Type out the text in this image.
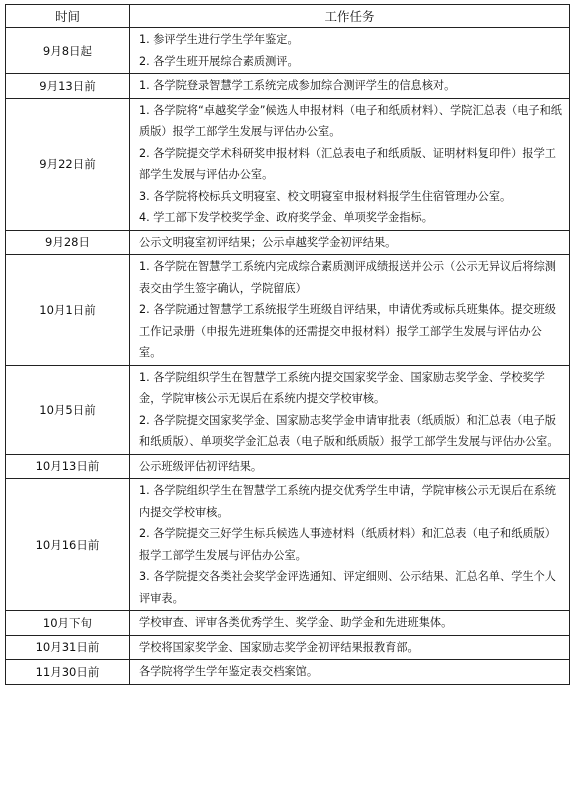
时间	工作任务
9月8日起	1. 参评学生进行学生学年鉴定。
2. 各学生班开展综合素质测评。

9月13日前	1. 各学院登录智慧学工系统完成参加综合测评学生的信息核对。

9月22日前	1. 各学院将“卓越奖学金”候选人申报材料（电子和纸质材料）、学院汇总表（电子和纸质版）报学工部学生发展与评估办公室。
2. 各学院提交学术科研奖申报材料（汇总表电子和纸质版、证明材料复印件）报学工部学生发展与评估办公室。
3. 各学院将校标兵文明寝室、校文明寝室申报材料报学生住宿管理办公室。
4. 学工部下发学校奖学金、政府奖学金、单项奖学金指标。

9月28日	公示文明寝室初评结果；公示卓越奖学金初评结果。

10月1日前	1. 各学院在智慧学工系统内完成综合素质测评成绩报送并公示（公示无异议后将综测表交由学生签字确认，学院留底）
2. 各学院通过智慧学工系统报学生班级自评结果，申请优秀或标兵班集体。提交班级工作记录册（申报先进班集体的还需提交申报材料）报学工部学生发展与评估办公室。

10月5日前	1. 各学院组织学生在智慧学工系统内提交国家奖学金、国家励志奖学金、学校奖学金，学院审核公示无误后在系统内提交学校审核。
2. 各学院提交国家奖学金、国家励志奖学金申请审批表（纸质版）和汇总表（电子版和纸质版）、单项奖学金汇总表（电子版和纸质版）报学工部学生发展与评估办公室。

10月13日前	公示班级评估初评结果。

10月16日前	1. 各学院组织学生在智慧学工系统内提交优秀学生申请，学院审核公示无误后在系统内提交学校审核。
2. 各学院提交三好学生标兵候选人事迹材料（纸质材料）和汇总表（电子和纸质版）报学工部学生发展与评估办公室。
3. 各学院提交各类社会奖学金评选通知、评定细则、公示结果、汇总名单、学生个人评审表。

10月下旬	学校审查、评审各类优秀学生、奖学金、助学金和先进班集体。

10月31日前	学校将国家奖学金、国家励志奖学金初评结果报教育部。

11月30日前	各学院将学生学年鉴定表交档案馆。
